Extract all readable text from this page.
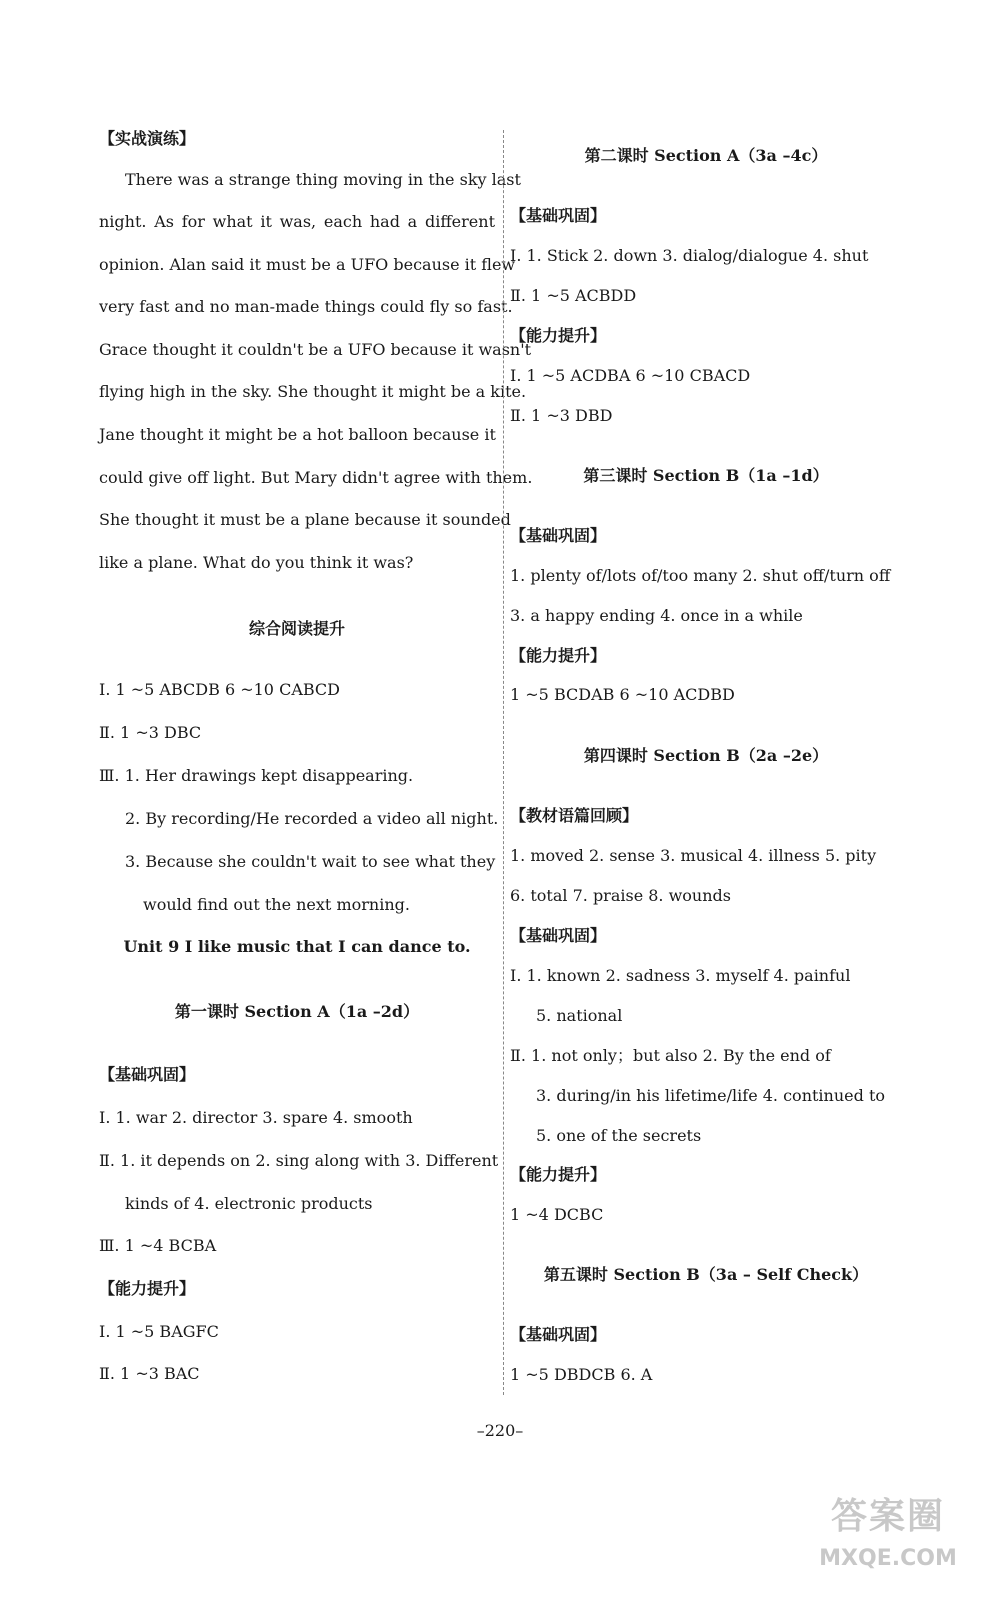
【实战演练】
There was a strange thing moving in the sky last
night. As for what it was, each had a different
opinion. Alan said it must be a UFO because it flew
very fast and no man-made things could fly so fast.
Grace thought it couldn't be a UFO because it wasn't
flying high in the sky. She thought it might be a kite.
Jane thought it might be a hot balloon because it
could give off light. But Mary didn't agree with them.
She thought it must be a plane because it sounded
like a plane. What do you think it was?
综合阅读提升
Ⅰ. 1 ~5 ABCDB 6 ~10 CABCD
Ⅱ. 1 ~3 DBC
Ⅲ. 1. Her drawings kept disappearing.
2. By recording/He recorded a video all night.
3. Because she couldn't wait to see what they
would find out the next morning.
Unit 9 I like music that I can dance to.
第一课时 Section A（1a –2d）
【基础巩固】
Ⅰ. 1. war 2. director 3. spare 4. smooth
Ⅱ. 1. it depends on 2. sing along with 3. Different
kinds of 4. electronic products
Ⅲ. 1 ~4 BCBA
【能力提升】
Ⅰ. 1 ~5 BAGFC
Ⅱ. 1 ~3 BAC
第二课时 Section A（3a –4c）
【基础巩固】
Ⅰ. 1. Stick 2. down 3. dialog/dialogue 4. shut
Ⅱ. 1 ~5 ACBDD
【能力提升】
Ⅰ. 1 ~5 ACDBA 6 ~10 CBACD
Ⅱ. 1 ~3 DBD
第三课时 Section B（1a –1d）
【基础巩固】
1. plenty of/lots of/too many 2. shut off/turn off
3. a happy ending 4. once in a while
【能力提升】
1 ~5 BCDAB 6 ~10 ACDBD
第四课时 Section B（2a –2e）
【教材语篇回顾】
1. moved 2. sense 3. musical 4. illness 5. pity
6. total 7. praise 8. wounds
【基础巩固】
Ⅰ. 1. known 2. sadness 3. myself 4. painful
5. national
Ⅱ. 1. not only；but also 2. By the end of
3. during/in his lifetime/life 4. continued to
5. one of the secrets
【能力提升】
1 ~4 DCBC
第五课时 Section B（3a – Self Check）
【基础巩固】
1 ~5 DBDCB 6. A
–220–
答案圈
MXQE.COM
